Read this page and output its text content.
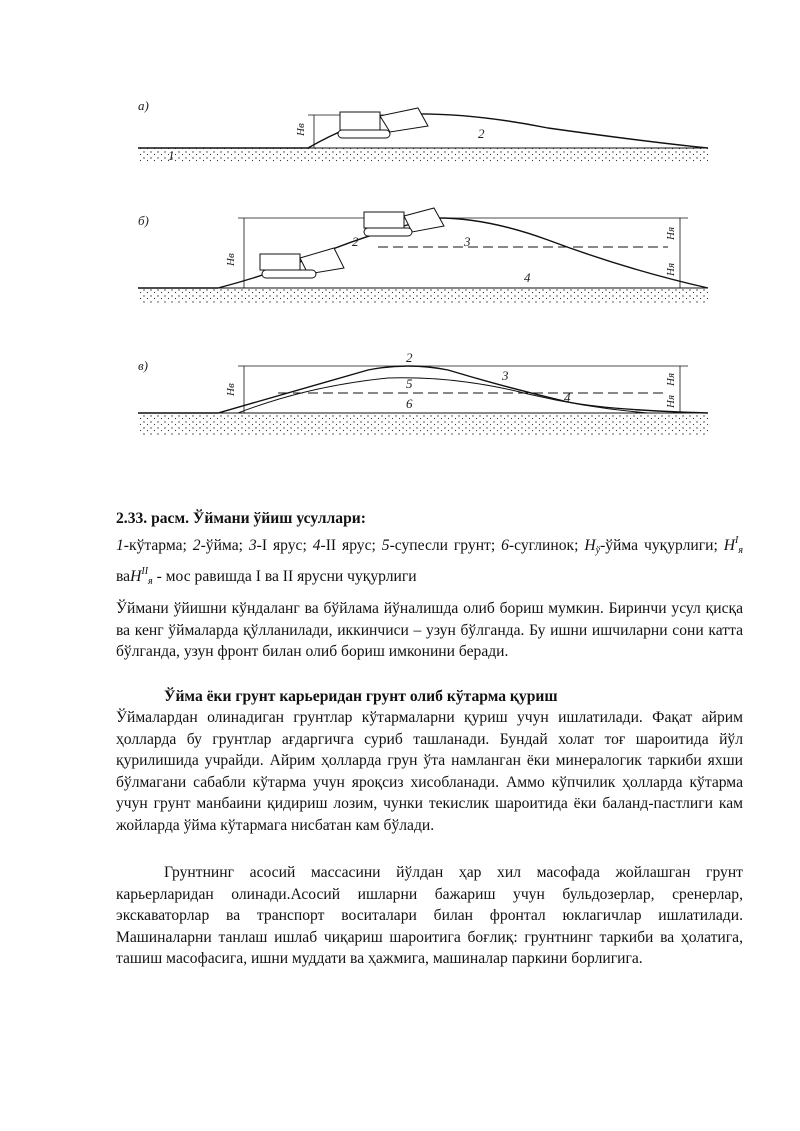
а)
Нв
1
2
б)
Нв
Ня
Ня
2	3
4
в)
Нв
Ня
Ня
2
3
4
5
6
2.33. расм. Ўймани ўйиш усуллари:
1-кўтарма; 2-ўйма; 3-I ярус; 4-II ярус; 5-супесли грунт; 6-суглинок; $Н_ў$-ўйма чуқурлиги; $Н^I_я$ ваН$^{II}_я$ - мос равишда I ва II ярусни чуқурлиги
Ўймани ўйишни кўндаланг ва бўйлама йўналишда олиб бориш мумкин. Биринчи усул қисқа ва кенг ўймаларда қўлланилади, иккинчиси – узун бўлганда. Бу ишни ишчиларни сони катта бўлганда, узун фронт билан олиб бориш имконини беради.
Ўйма ёки грунт карьеридан грунт олиб кўтарма қуриш
Ўймалардан олинадиган грунтлар кўтармаларни қуриш учун ишлатилади. Фақат айрим ҳолларда бу грунтлар ағдаргичга суриб ташланади. Бундай холат тоғ шароитида йўл қурилишида учрайди. Айрим ҳолларда грун ўта намланган ёки минералогик таркиби яхши бўлмагани сабабли кўтарма учун яроқсиз хисобланади. Аммо кўпчилик ҳолларда кўтарма учун грунт манбаини қидириш лозим, чунки текислик шароитида ёки баланд-пастлиги кам жойларда ўйма кўтармага нисбатан кам бўлади.
Грунтнинг асосий массасини йўлдан ҳар хил масофада жойлашган грунт карьерларидан олинади.Асосий ишларни бажариш учун бульдозерлар, сренерлар, экскаваторлар ва транспорт воситалари билан фронтал юклагичлар ишлатилади. Машиналарни танлаш ишлаб чиқариш шароитига боғлиқ: грунтнинг таркиби ва ҳолатига, ташиш масофасига, ишни муддати ва ҳажмига, машиналар паркини борлигига.
